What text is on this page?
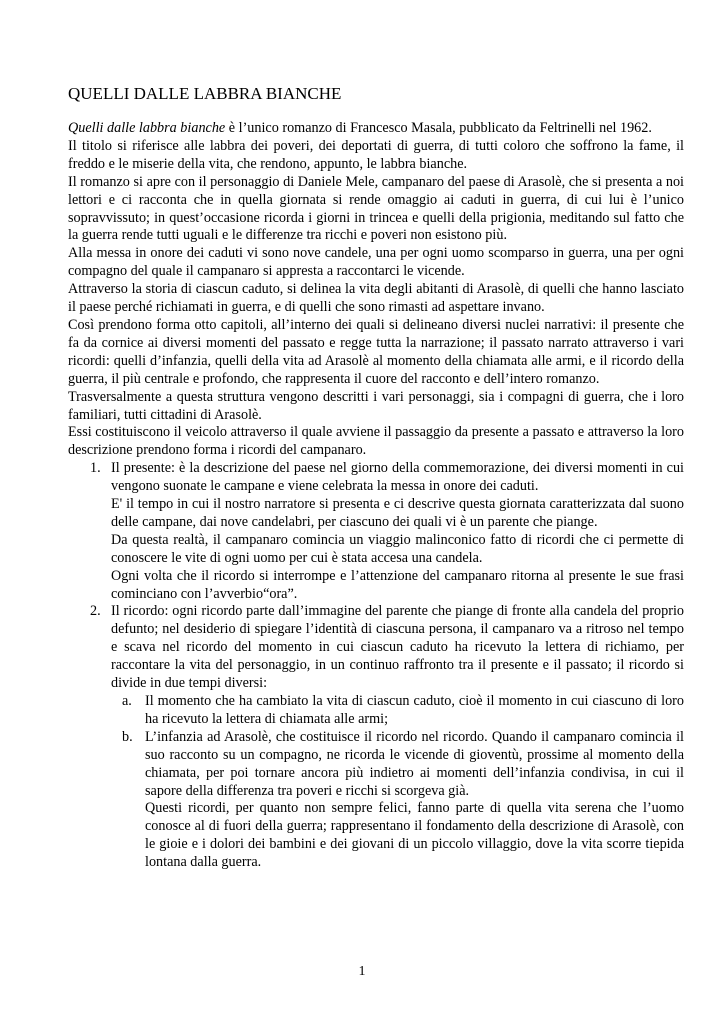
QUELLI DALLE LABBRA BIANCHE

Quelli dalle labbra bianche è l’unico romanzo di Francesco Masala, pubblicato da Feltrinelli nel 1962.

Il titolo si riferisce alle labbra dei poveri, dei deportati di guerra, di tutti coloro che soffrono la fame, il freddo e le miserie della vita, che rendono, appunto, le labbra bianche.

Il romanzo si apre con il personaggio di Daniele Mele, campanaro del paese di Arasolè, che si presenta a noi lettori e ci racconta che in quella giornata si rende omaggio ai caduti in guerra, di cui lui è l’unico sopravvissuto; in quest’occasione ricorda i giorni in trincea e quelli della prigionia, meditando sul fatto che la guerra rende tutti uguali e le differenze tra ricchi e poveri non esistono più.

Alla messa in onore dei caduti vi sono nove candele, una per ogni uomo scomparso in guerra, una per ogni compagno del quale il campanaro si appresta a raccontarci le vicende.

Attraverso la storia di ciascun caduto, si delinea la vita degli abitanti di Arasolè, di quelli che hanno lasciato il paese perché richiamati in guerra, e di quelli che sono rimasti ad aspettare invano.

Così prendono forma otto capitoli, all’interno dei quali si delineano diversi nuclei narrativi: il presente che fa da cornice ai diversi momenti del passato e regge tutta la narrazione; il passato narrato attraverso i vari ricordi: quelli d’infanzia, quelli della vita ad Arasolè al momento della chiamata alle armi, e il ricordo della guerra, il più centrale e profondo, che rappresenta il cuore del racconto e dell’intero romanzo.

Trasversalmente a questa struttura vengono descritti i vari personaggi, sia i compagni di guerra, che i loro familiari, tutti cittadini di Arasolè.

Essi costituiscono il veicolo attraverso il quale avviene il passaggio da presente a passato e attraverso la loro descrizione prendono forma i ricordi del campanaro.

1. Il presente: è la descrizione del paese nel giorno della commemorazione, dei diversi momenti in cui vengono suonate le campane e viene celebrata la messa in onore dei caduti.

E' il tempo in cui il nostro narratore si presenta e ci descrive questa giornata caratterizzata dal suono delle campane, dai nove candelabri, per ciascuno dei quali vi è un parente che piange.

Da questa realtà, il campanaro comincia un viaggio malinconico fatto di ricordi che ci permette di conoscere le vite di ogni uomo per cui è stata accesa una candela.

Ogni volta che il ricordo si interrompe e l’attenzione del campanaro ritorna al presente le sue frasi cominciano con l’avverbio“ora”.

2. Il ricordo: ogni ricordo parte dall’immagine del parente che piange di fronte alla candela del proprio defunto; nel desiderio di spiegare l’identità di ciascuna persona, il campanaro va a ritroso nel tempo e scava nel ricordo del momento in cui ciascun caduto ha ricevuto la lettera di richiamo, per raccontare la vita del personaggio, in un continuo raffronto tra il presente e il passato; il ricordo si divide in due tempi diversi:

a. Il momento che ha cambiato la vita di ciascun caduto, cioè il momento in cui ciascuno di loro ha ricevuto la lettera di chiamata alle armi;

b. L’infanzia ad Arasolè, che costituisce il ricordo nel ricordo. Quando il campanaro comincia il suo racconto su un compagno, ne ricorda le vicende di gioventù, prossime al momento della chiamata, per poi tornare ancora più indietro ai momenti dell’infanzia condivisa, in cui il sapore della differenza tra poveri e ricchi si scorgeva già.

Questi ricordi, per quanto non sempre felici, fanno parte di quella vita serena che l’uomo conosce al di fuori della guerra; rappresentano il fondamento della descrizione di Arasolè, con le gioie e i dolori dei bambini e dei giovani di un piccolo villaggio, dove la vita scorre tiepida lontana dalla guerra.

1
